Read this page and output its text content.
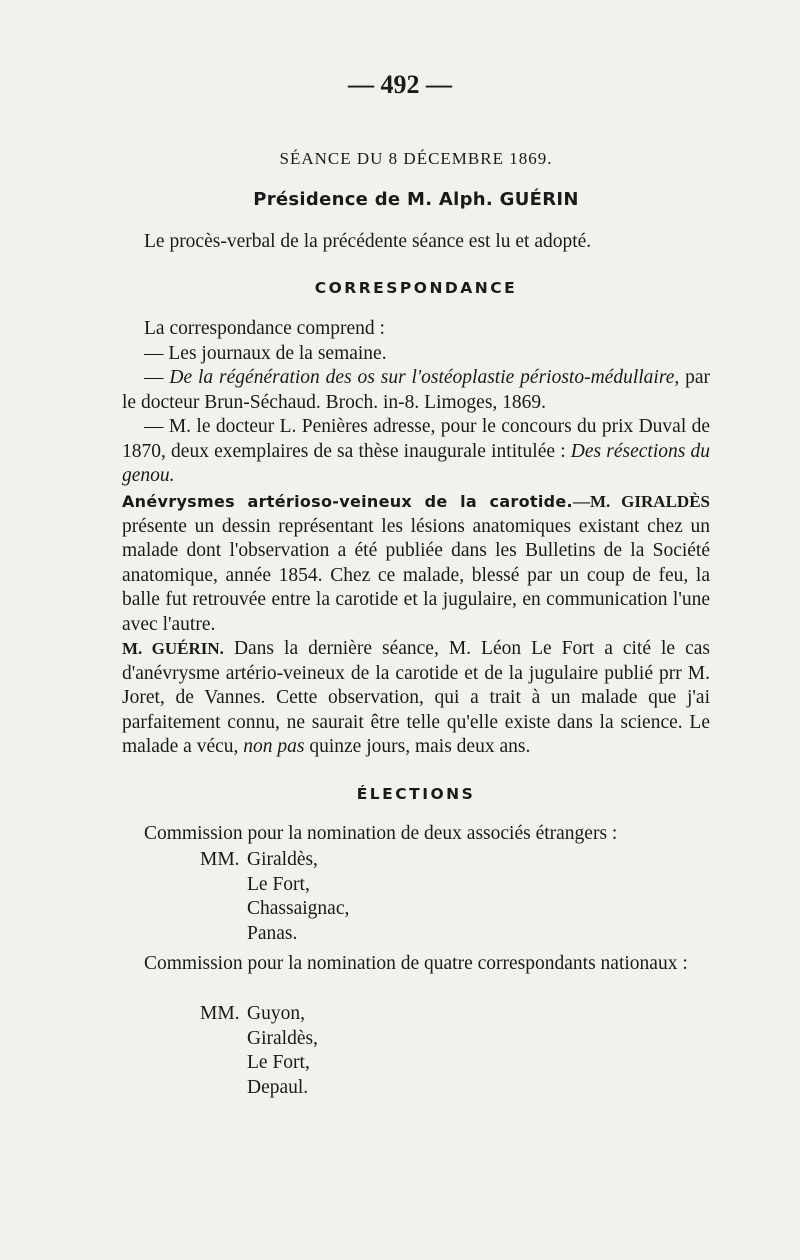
— 492 —

SÉANCE DU 8 DÉCEMBRE 1869.

Présidence de M. Alph. GUÉRIN

Le procès-verbal de la précédente séance est lu et adopté.

CORRESPONDANCE

La correspondance comprend :

— Les journaux de la semaine.

— De la régénération des os sur l'ostéoplastie périosto-médullaire, par le docteur Brun-Séchaud. Broch. in-8. Limoges, 1869.

— M. le docteur L. Penières adresse, pour le concours du prix Duval de 1870, deux exemplaires de sa thèse inaugurale intitulée : Des résections du genou.

Anévrysmes artérioso-veineux de la carotide.—M. GIRALDÈS présente un dessin représentant les lésions anatomiques existant chez un malade dont l'observation a été publiée dans les Bulletins de la Société anatomique, année 1854. Chez ce malade, blessé par un coup de feu, la balle fut retrouvée entre la carotide et la jugulaire, en communication l'une avec l'autre.

M. GUÉRIN. Dans la dernière séance, M. Léon Le Fort a cité le cas d'anévrysme artério-veineux de la carotide et de la jugulaire publié prr M. Joret, de Vannes. Cette observation, qui a trait à un malade que j'ai parfaitement connu, ne saurait être telle qu'elle existe dans la science. Le malade a vécu, non pas quinze jours, mais deux ans.

ÉLECTIONS

Commission pour la nomination de deux associés étrangers :

MM. Giraldès,
Le Fort,
Chassaignac,
Panas.

Commission pour la nomination de quatre correspondants nationaux :

MM. Guyon,
Giraldès,
Le Fort,
Depaul.
